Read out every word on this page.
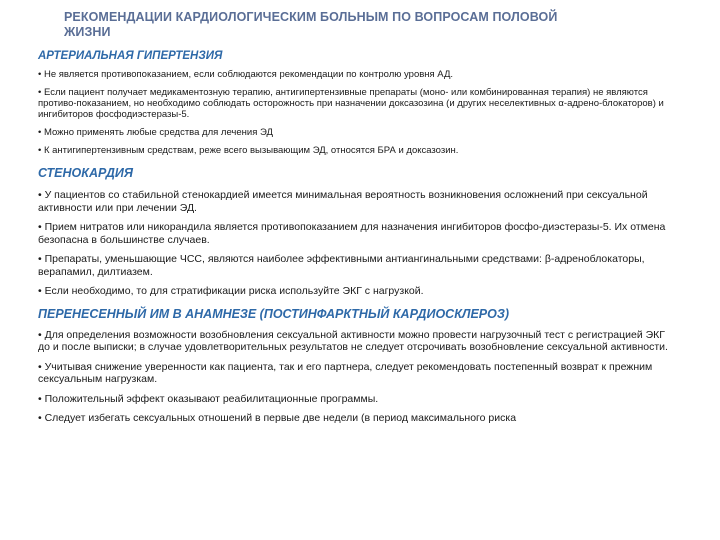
РЕКОМЕНДАЦИИ КАРДИОЛОГИЧЕСКИМ БОЛЬНЫМ ПО ВОПРОСАМ ПОЛОВОЙ ЖИЗНИ
АРТЕРИАЛЬНАЯ ГИПЕРТЕНЗИЯ
• Не является противопоказанием, если соблюдаются рекомендации по контролю уровня АД.
• Если пациент получает медикаментозную терапию, антигипертензивные препараты (моно- или комбинированная терапия) не являются противо-показанием, но необходимо соблюдать осторожность при назначении доксазозина (и других неселективных α-адрено-блокаторов) и ингибиторов фосфодиэстеразы-5.
• Можно применять любые средства для лечения ЭД
• К антигипертензивным средствам, реже всего вызывающим ЭД, относятся БРА и доксазозин.
СТЕНОКАРДИЯ
• У пациентов со стабильной стенокардией имеется минимальная вероятность возникновения осложнений при сексуальной активности или при лечении ЭД.
• Прием нитратов или никорандила является противопоказанием для назначения ингибиторов фосфо-диэстеразы-5. Их отмена безопасна в большинстве случаев.
• Препараты, уменьшающие ЧСС, являются наиболее эффективными антиангинальными средствами: β-адреноблокаторы, верапамил, дилтиазем.
• Если необходимо, то для стратификации риска используйте ЭКГ с нагрузкой.
ПЕРЕНЕСЕННЫЙ ИМ В АНАМНЕЗЕ (ПОСТИНФАРКТНЫЙ КАРДИОСКЛЕРОЗ)
• Для определения возможности возобновления сексуальной активности можно провести нагрузочный тест с регистрацией ЭКГ до и после выписки; в случае удовлетворительных результатов не следует отсрочивать возобновление сексуальной активности.
• Учитывая снижение уверенности как пациента, так и его партнера, следует рекомендовать постепенный возврат к прежним сексуальным нагрузкам.
• Положительный эффект оказывают реабилитационные программы.
• Следует избегать сексуальных отношений в первые две недели (в период максимального риска
